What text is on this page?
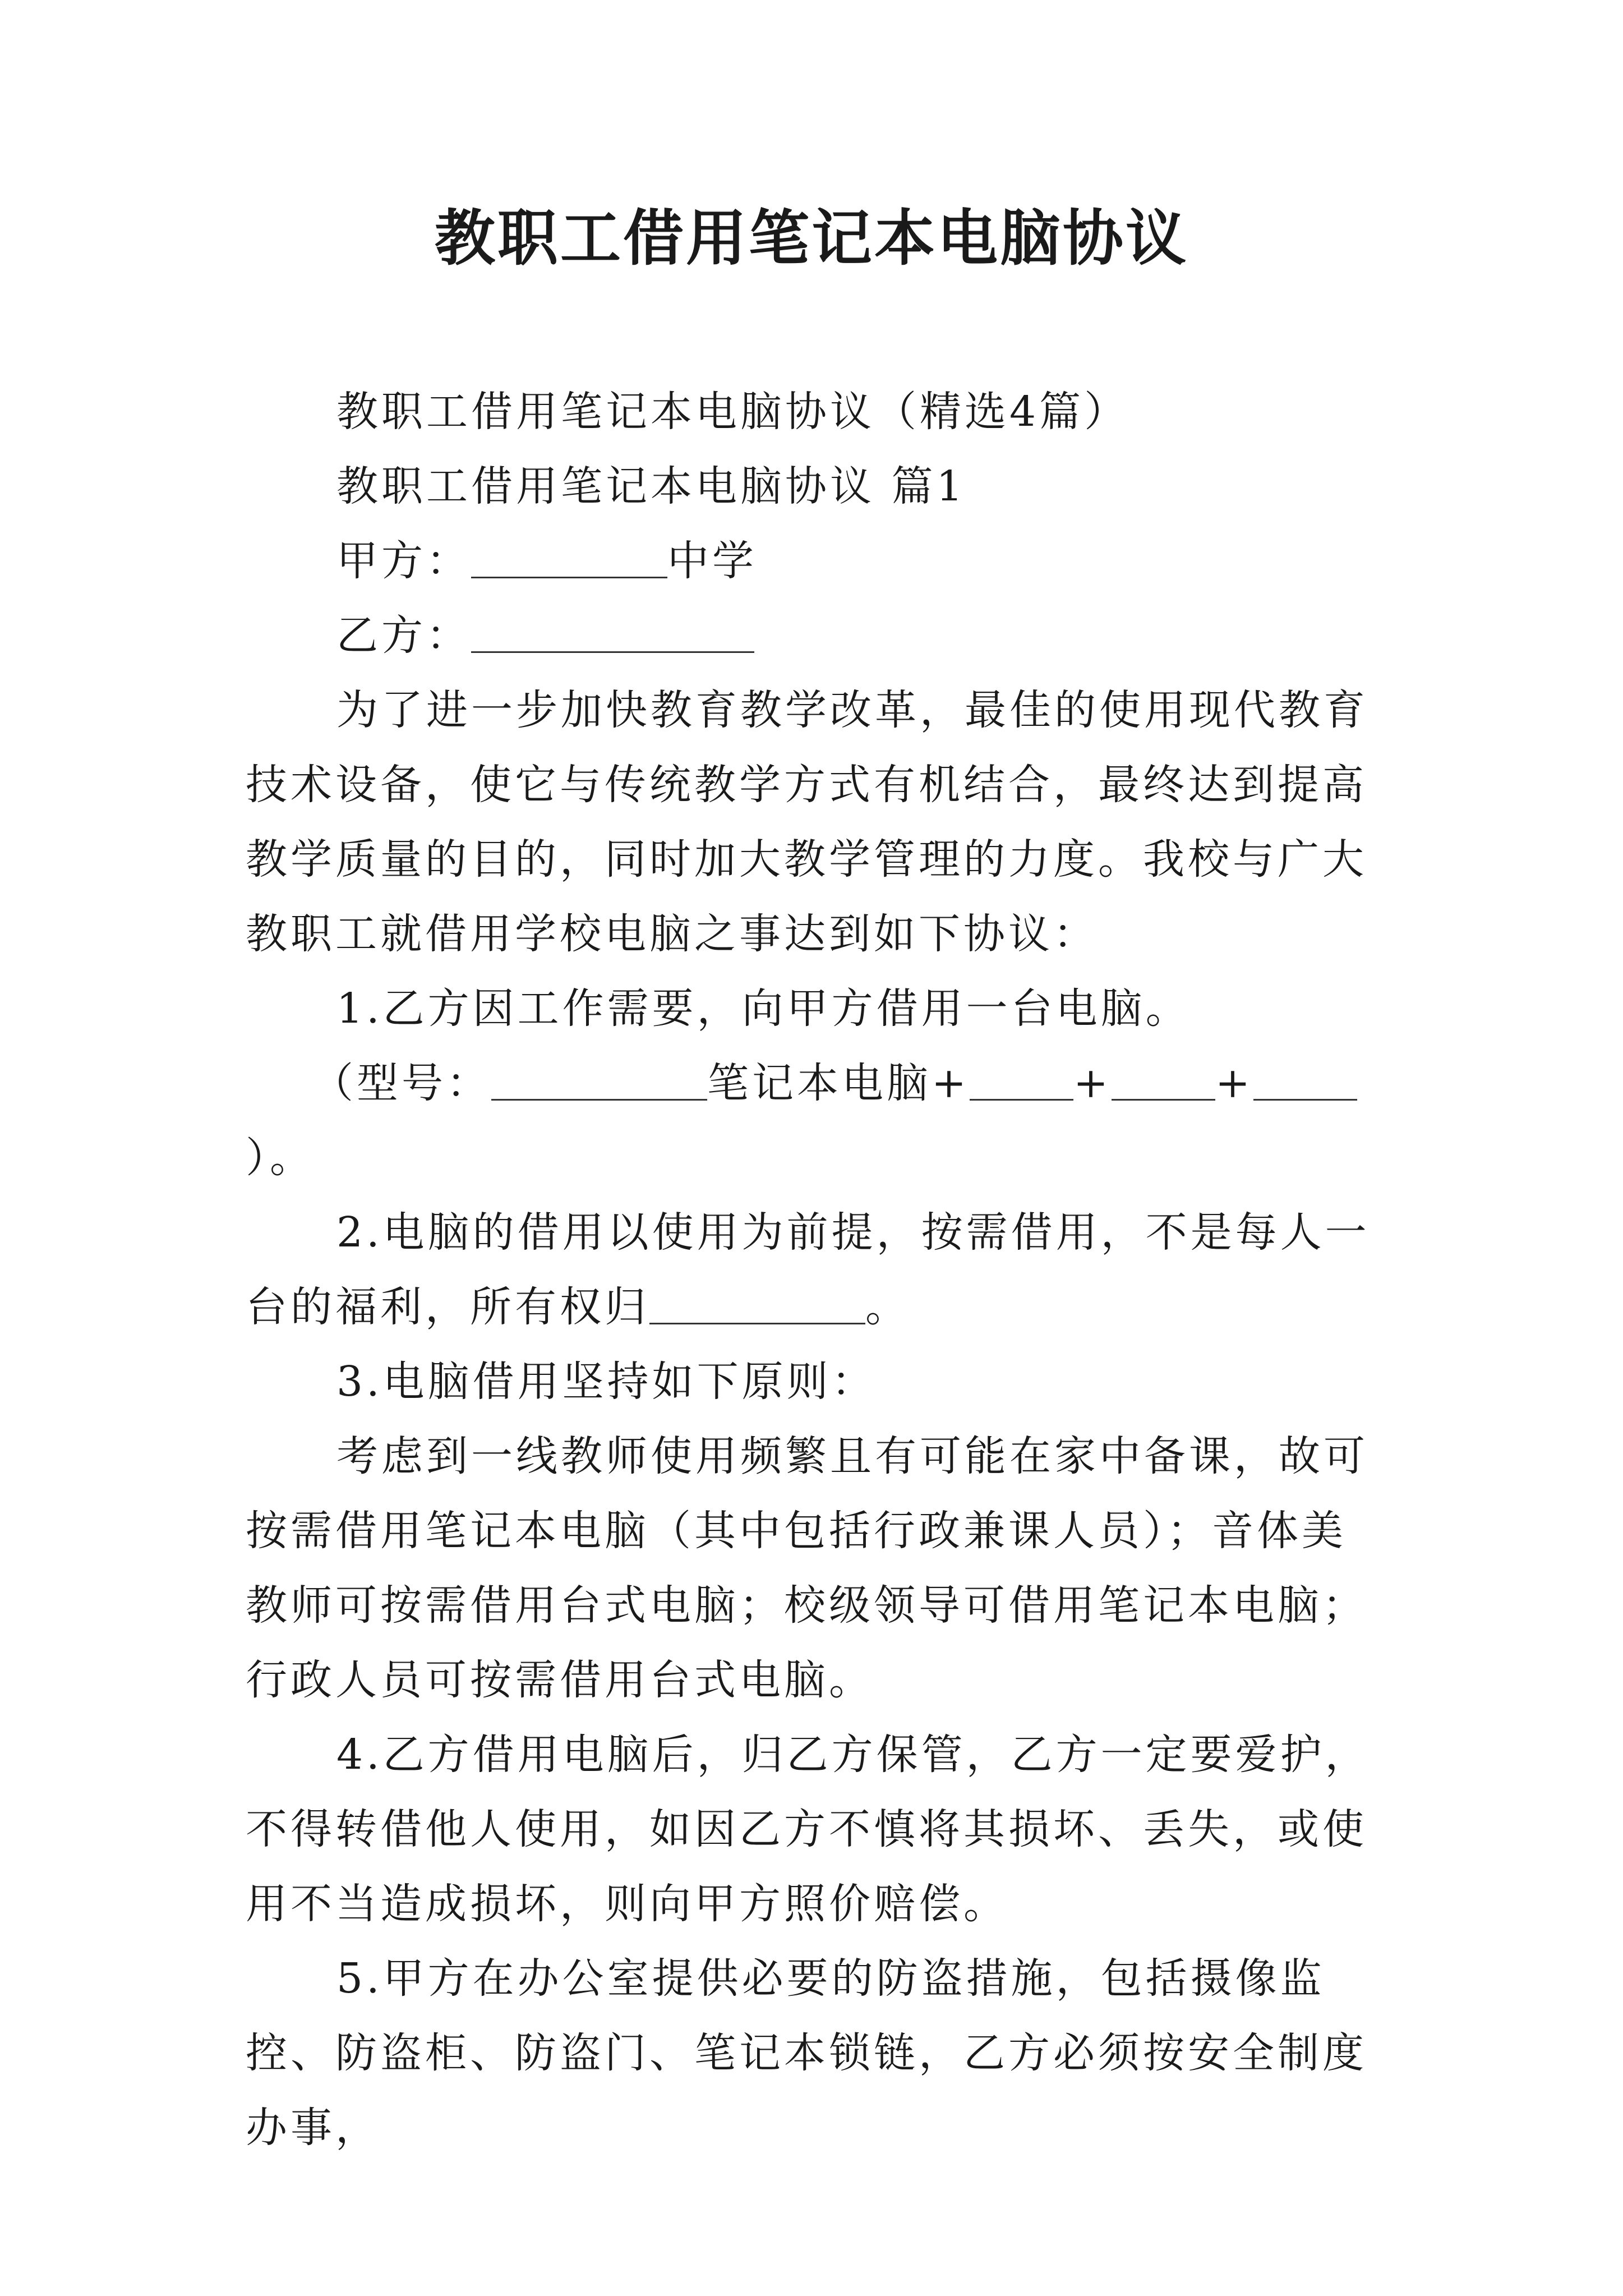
教职工借用笔记本电脑协议

教职工借用笔记本电脑协议（精选4篇）

教职工借用笔记本电脑协议 篇1

甲方：	中学

乙方：

为了进一步加快教育教学改革，最佳的使用现代教育技术设备，使它与传统教学方式有机结合，最终达到提高教学质量的目的，同时加大教学管理的力度。我校与广大教职工就借用学校电脑之事达到如下协议：

1.乙方因工作需要，向甲方借用一台电脑。

（型号：	笔记本电脑+	+	+）。

2.电脑的借用以使用为前提，按需借用，不是每人一台的福利，所有权归	。

3.电脑借用坚持如下原则：

考虑到一线教师使用频繁且有可能在家中备课，故可按需借用笔记本电脑（其中包括行政兼课人员）；音体美教师可按需借用台式电脑；校级领导可借用笔记本电脑；行政人员可按需借用台式电脑。

4.乙方借用电脑后，归乙方保管，乙方一定要爱护，不得转借他人使用，如因乙方不慎将其损坏、丢失，或使用不当造成损坏，则向甲方照价赔偿。

5.甲方在办公室提供必要的防盗措施，包括摄像监控、防盗柜、防盗门、笔记本锁链，乙方必须按安全制度办事，
